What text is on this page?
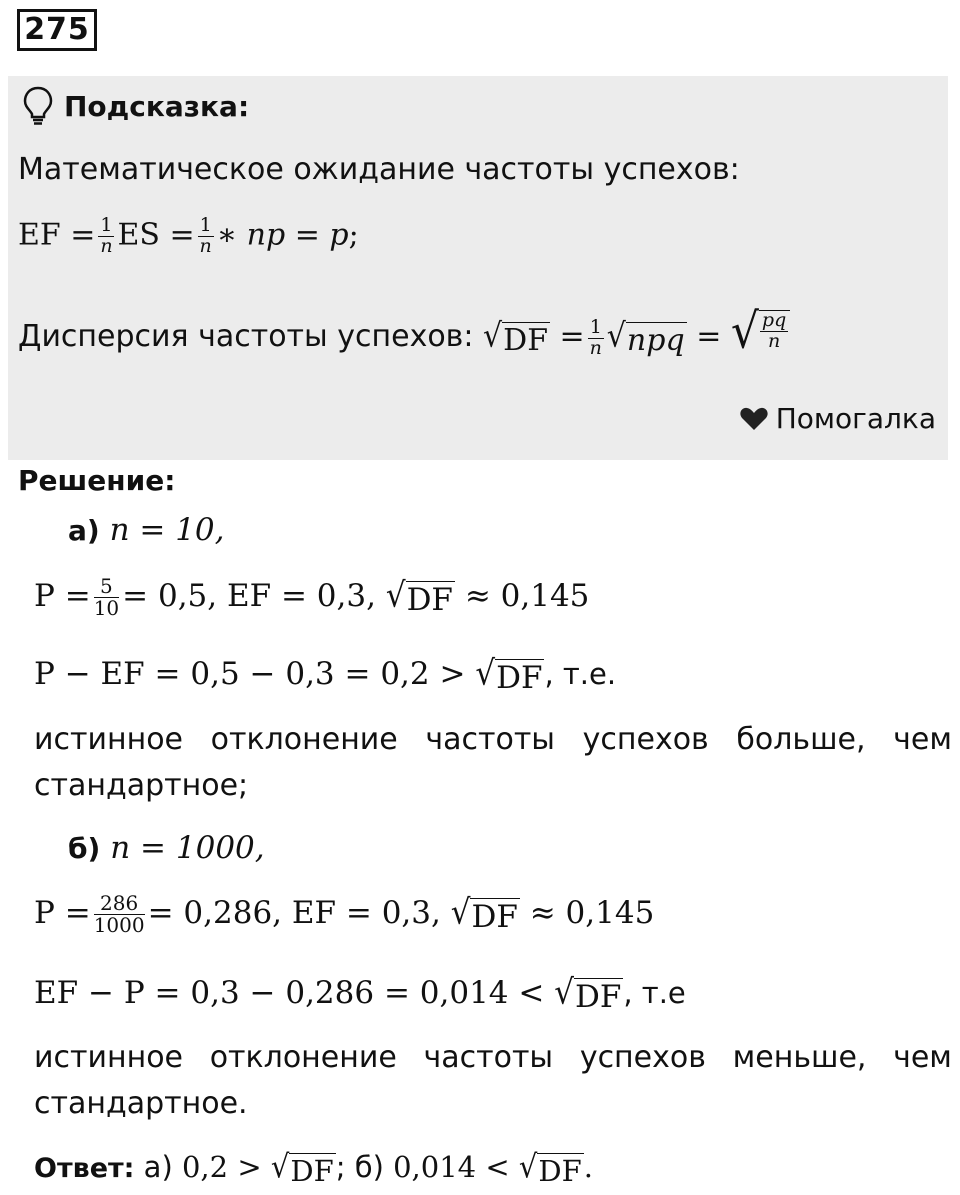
275
Подсказка:
Математическое ожидание частоты успехов:
EF = $\frac{1}{n}$ ES = $\frac{1}{n}$ ∗ np = p;
Дисперсия частоты успехов: √ DF = $\frac{1}{n}$ √ npq = √ $\frac{pq}{n}$
Помогалка
Решение:
а) n = 10,
$P = \frac{5}{10} = 0,5$, EF = 0,3, √ DF ≈ 0,145
P − EF = 0,5 − 0,3 = 0,2 > √ DF , т.е.
истинное отклонение частоты успехов больше, чем
стандартное;
б) n = 1000,
$P = \frac{286}{1000} = 0,286$, EF = 0,3, √ DF ≈ 0,145
EF − P = 0,3 − 0,286 = 0,014 < √ DF , т.е
истинное отклонение частоты успехов меньше, чем
стандартное.
Ответ: а) 0,2 > √ DF ; б) 0,014 < √ DF .
